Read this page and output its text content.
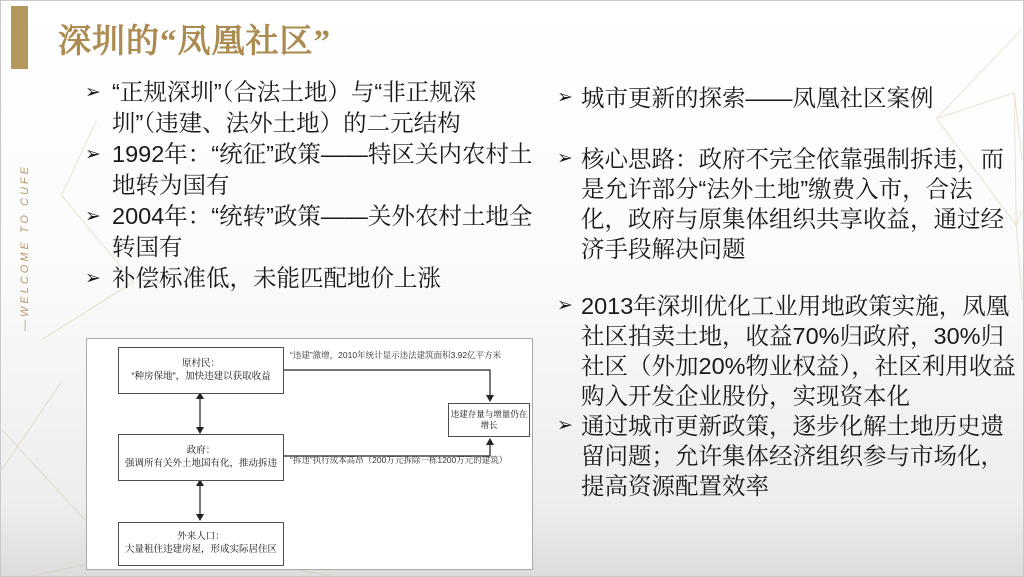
深圳的“凤凰社区”
—WELCOME TO CUFE
➢ “正规深圳”（合法土地）与“非正规深圳”（违建、法外土地）的二元结构
➢ 1992年：“统征”政策——特区关内农村土地转为国有
➢ 2004年：“统转”政策——关外农村土地全转国有
➢ 补偿标准低，未能匹配地价上涨
➢ 城市更新的探索——凤凰社区案例
➢ 核心思路：政府不完全依靠强制拆违，而是允许部分“法外土地”缴费入市，合法化，政府与原集体组织共享收益，通过经济手段解决问题
➢ 2013年深圳优化工业用地政策实施，凤凰社区拍卖土地，收益70%归政府，30%归社区（外加20%物业权益），社区利用收益购入开发企业股份，实现资本化
➢ 通过城市更新政策，逐步化解土地历史遗留问题；允许集体经济组织参与市场化，提高资源配置效率
原村民：
“种房保地”，加快违建以获取收益
政府：
强调所有关外土地国有化，推动拆违
外来人口：
大量租住违建房屋，形成实际居住区
违建存量与增量仍在增长
“违建”激增，2010年统计显示违法建筑面积3.92亿平方米
“拆违”执行成本高昂（200万元拆除一栋1200万元的建筑）
